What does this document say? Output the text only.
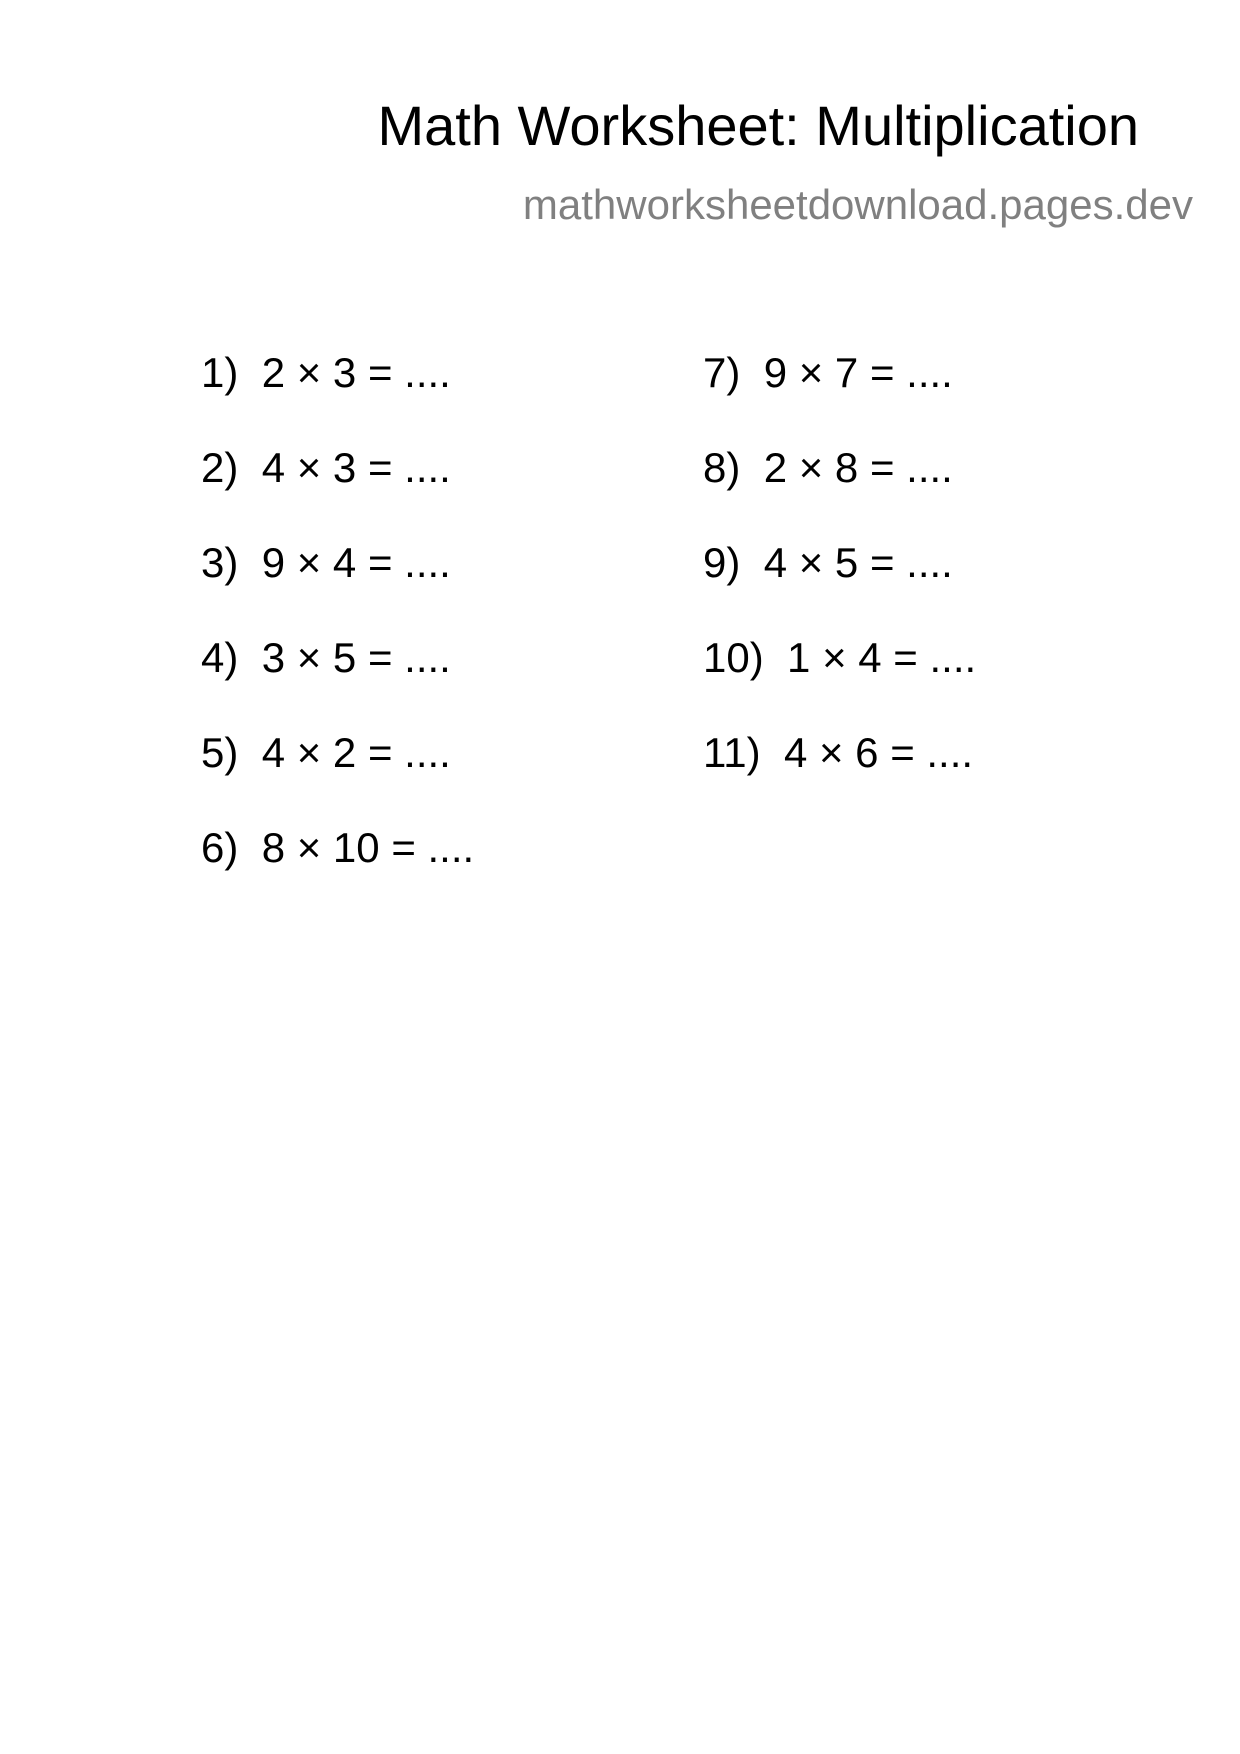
Math Worksheet: Multiplication
mathworksheetdownload.pages.dev
1) 2 × 3 = ....
2) 4 × 3 = ....
3) 9 × 4 = ....
4) 3 × 5 = ....
5) 4 × 2 = ....
6) 8 × 10 = ....
7) 9 × 7 = ....
8) 2 × 8 = ....
9) 4 × 5 = ....
10) 1 × 4 = ....
11) 4 × 6 = ....
